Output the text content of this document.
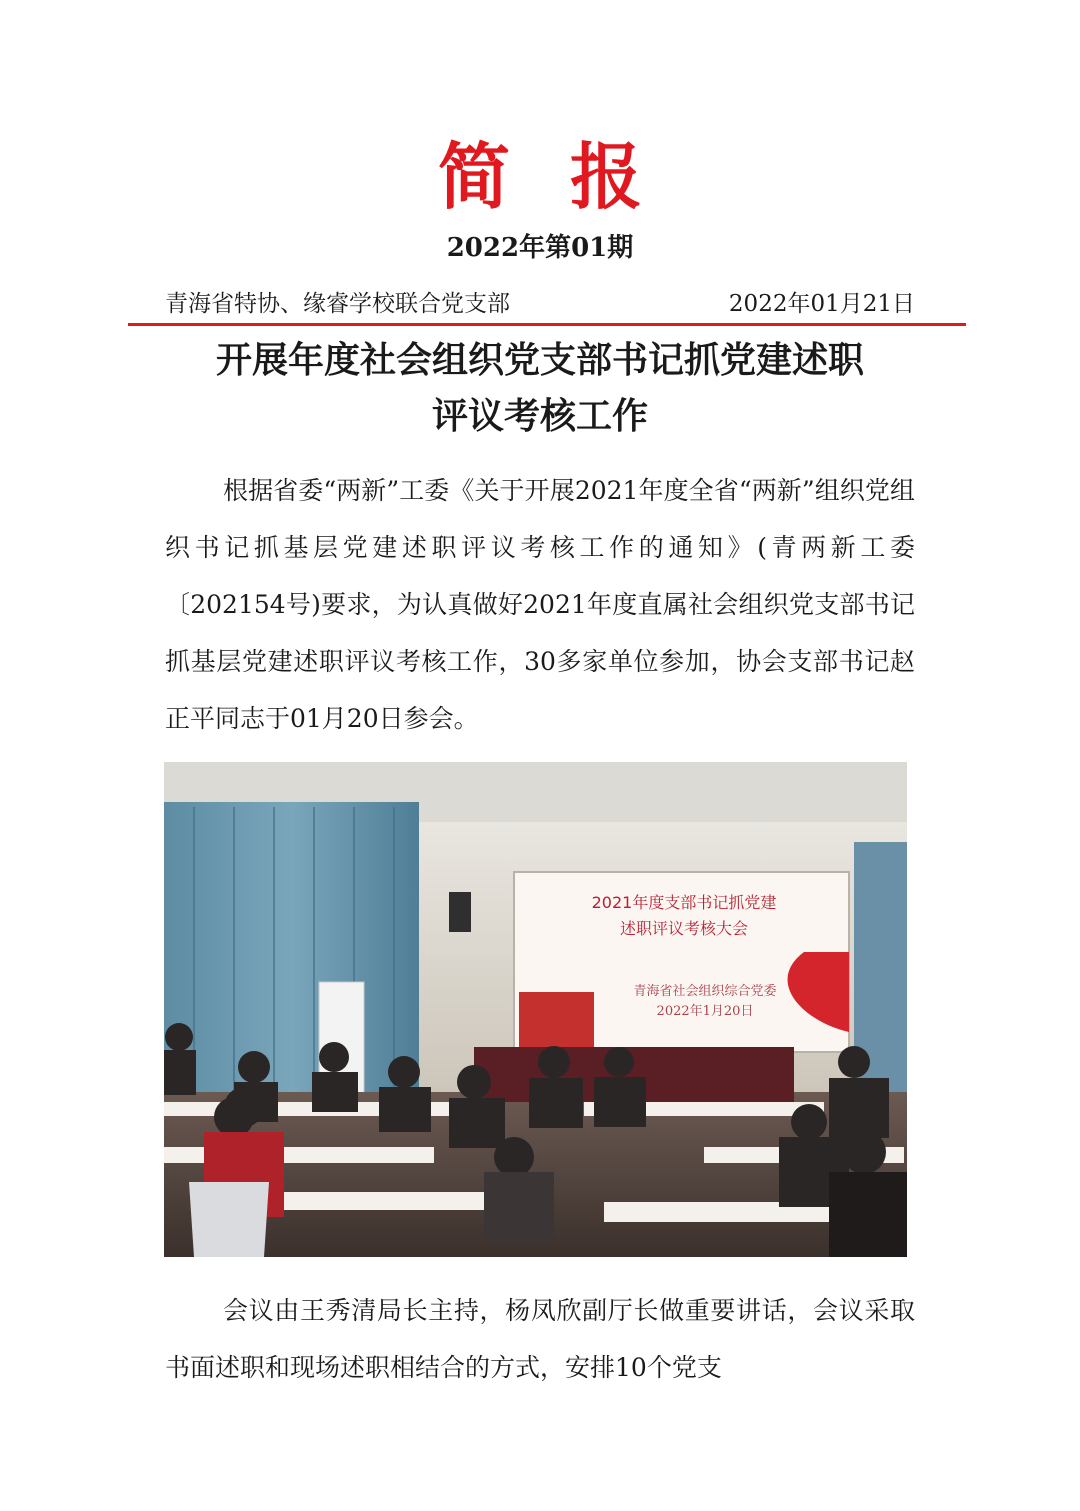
简报
2022年第01期
青海省特协、缘睿学校联合党支部	2022年01月21日
开展年度社会组织党支部书记抓党建述职
评议考核工作

根据省委“两新”工委《关于开展2021年度全省“两新”组织党组织书记抓基层党建述职评议考核工作的通知》(青两新工委〔202154号)要求，为认真做好2021年度直属社会组织党支部书记抓基层党建述职评议考核工作，30多家单位参加，协会支部书记赵正平同志于01月20日参会。

2021年度支部书记抓党建
述职评议考核大会
青海省社会组织综合党委
2022年1月20日

会议由王秀清局长主持，杨凤欣副厅长做重要讲话，会议采取书面述职和现场述职相结合的方式，安排10个党支
